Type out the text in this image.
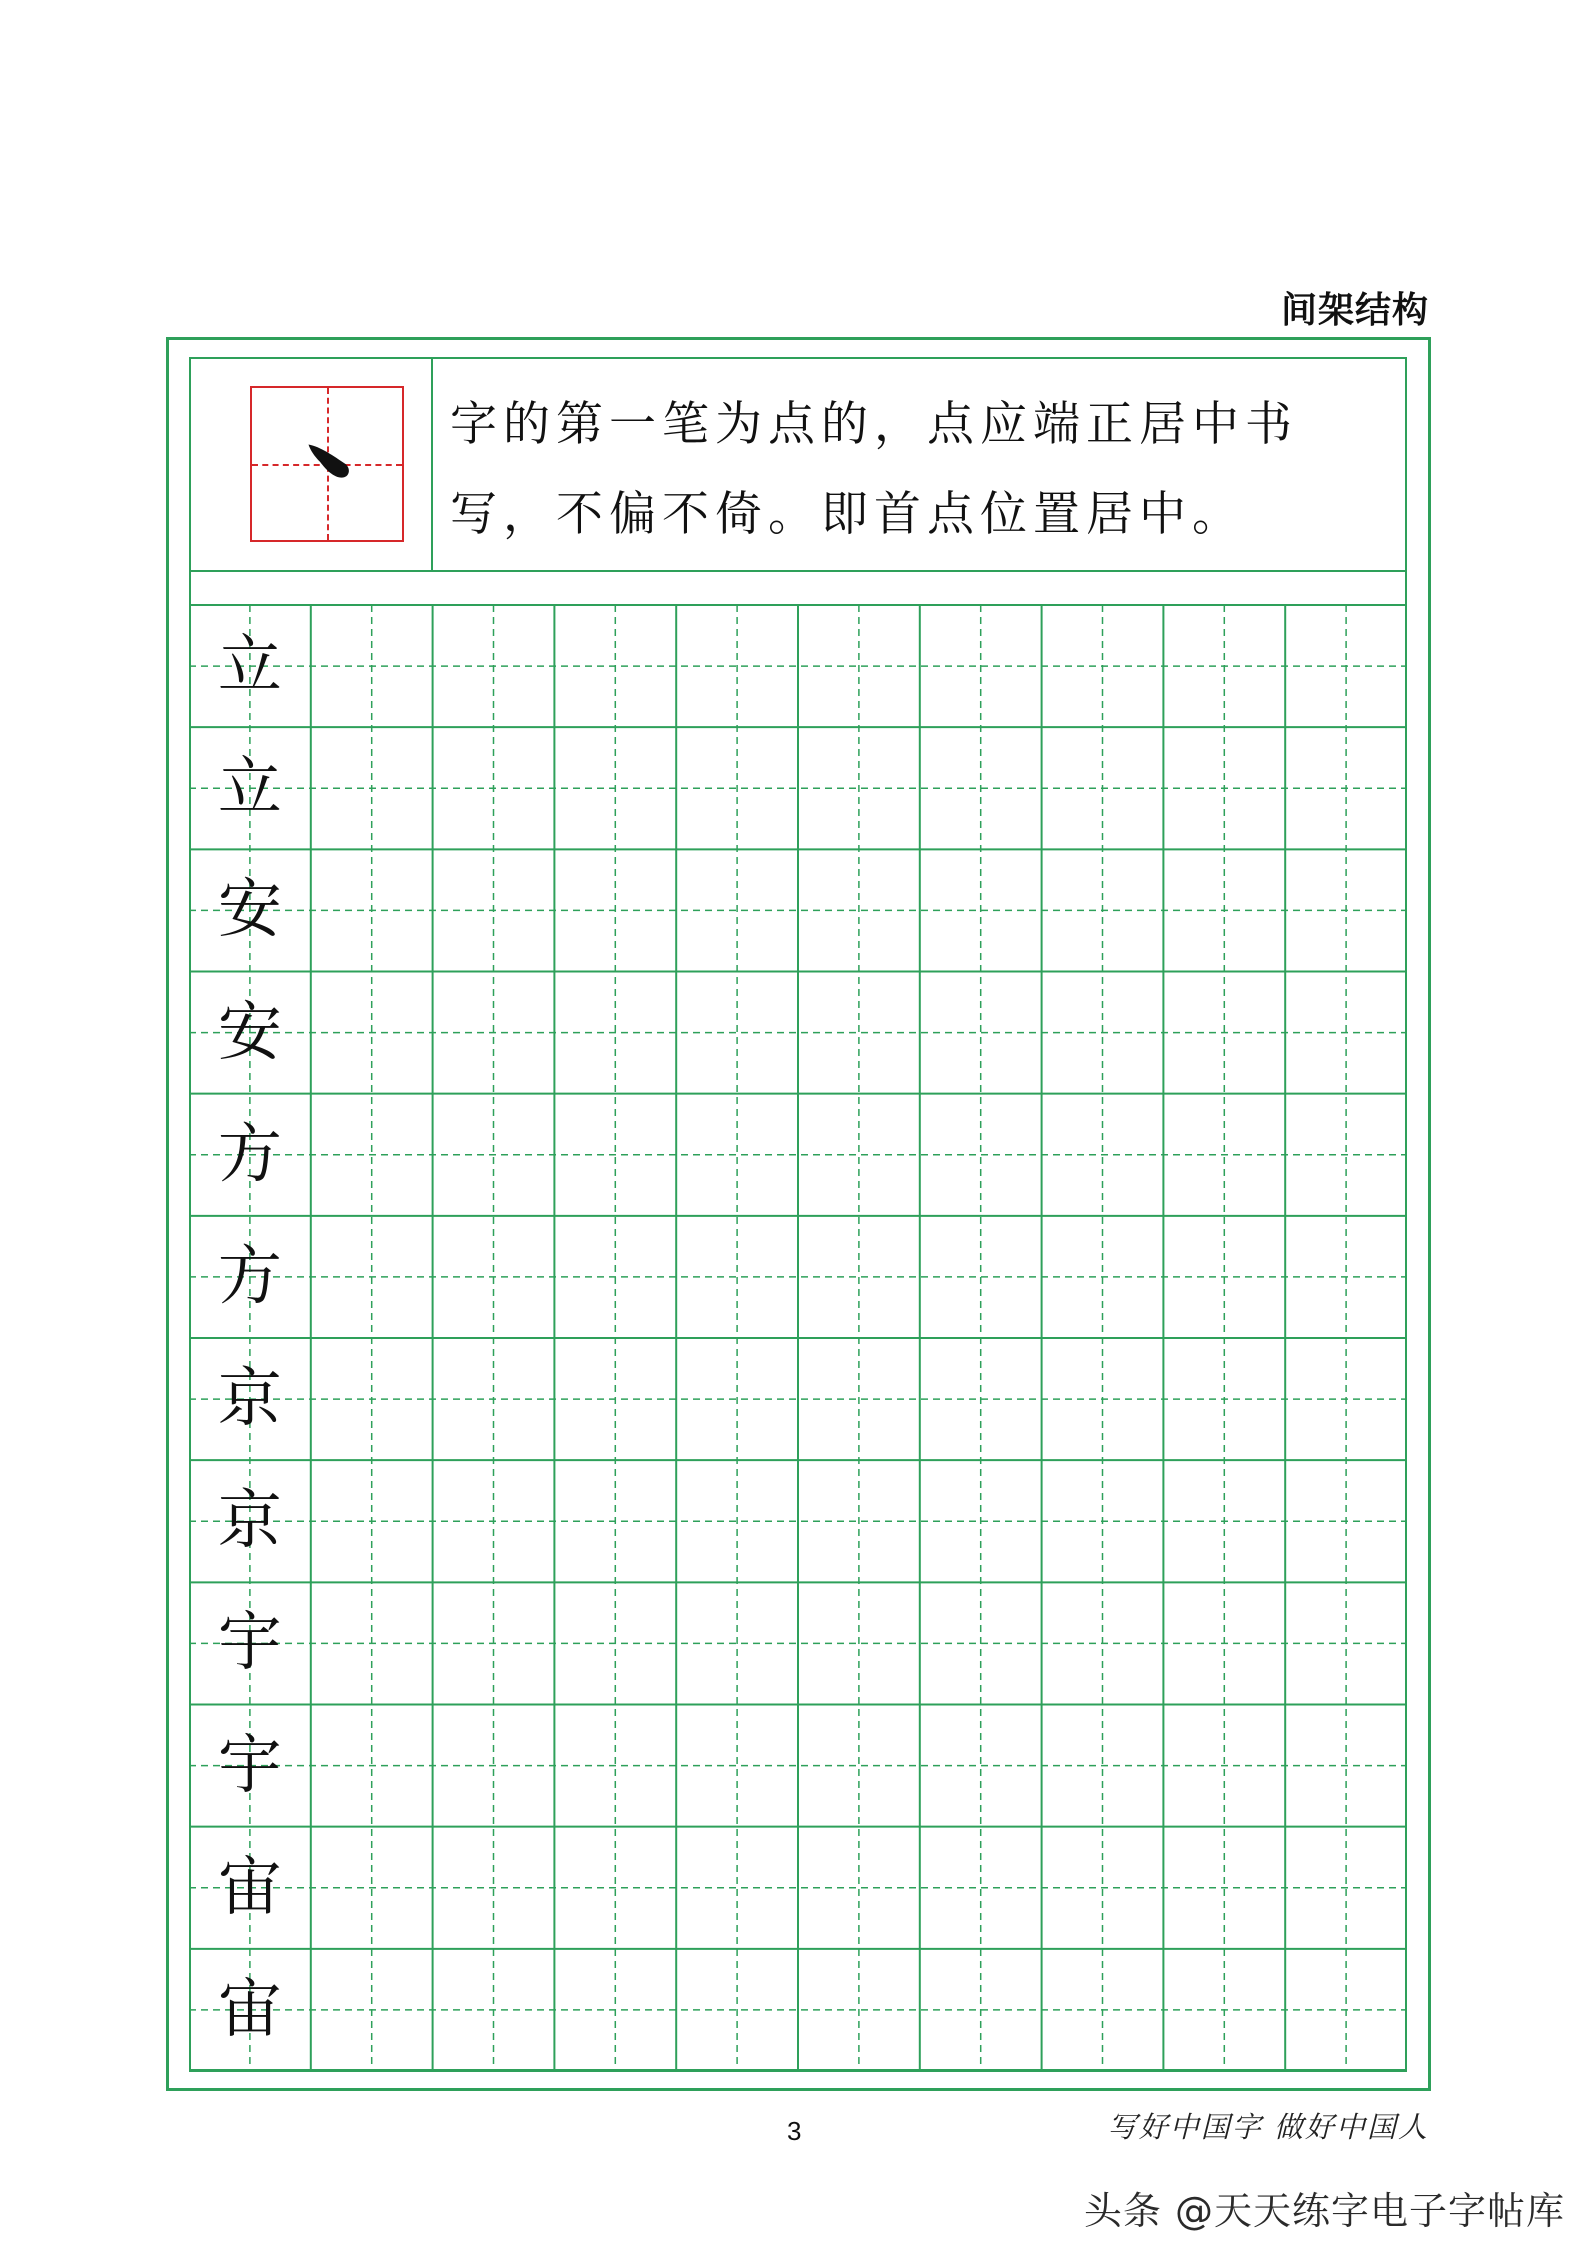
间架结构
字的第一笔为点的，点应端正居中书
写，不偏不倚。即首点位置居中。
立
立
安
安
方
方
京
京
宇
宇
宙
宙
3	写好中国字 做好中国人
头条 @天天练字电子字帖库
